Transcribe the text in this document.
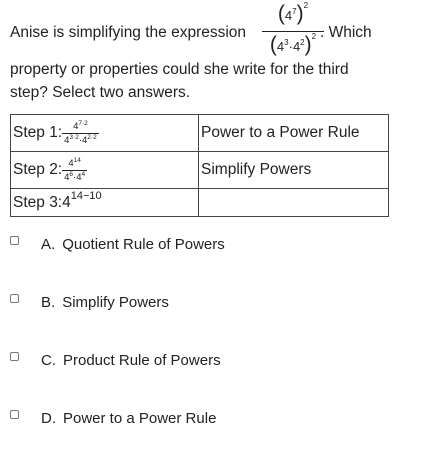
Anise is simplifying the expression
$(4^7)^2$
$(4^3\cdot 4^2)^2$ . Which
property or properties could she write for the third
step? Select two answers.
Step 1: $\frac{4^{7\cdot 2}}{4^{3\cdot 2}\cdot 4^{2\cdot 2}}$	Power to a Power Rule
Step 2: $\frac{4^{14}}{4^6\cdot 4^4}$	Simplify Powers
Step $3:4^{14-10}$	
A. Quotient Rule of Powers
B. Simplify Powers
C. Product Rule of Powers
D. Power to a Power Rule
